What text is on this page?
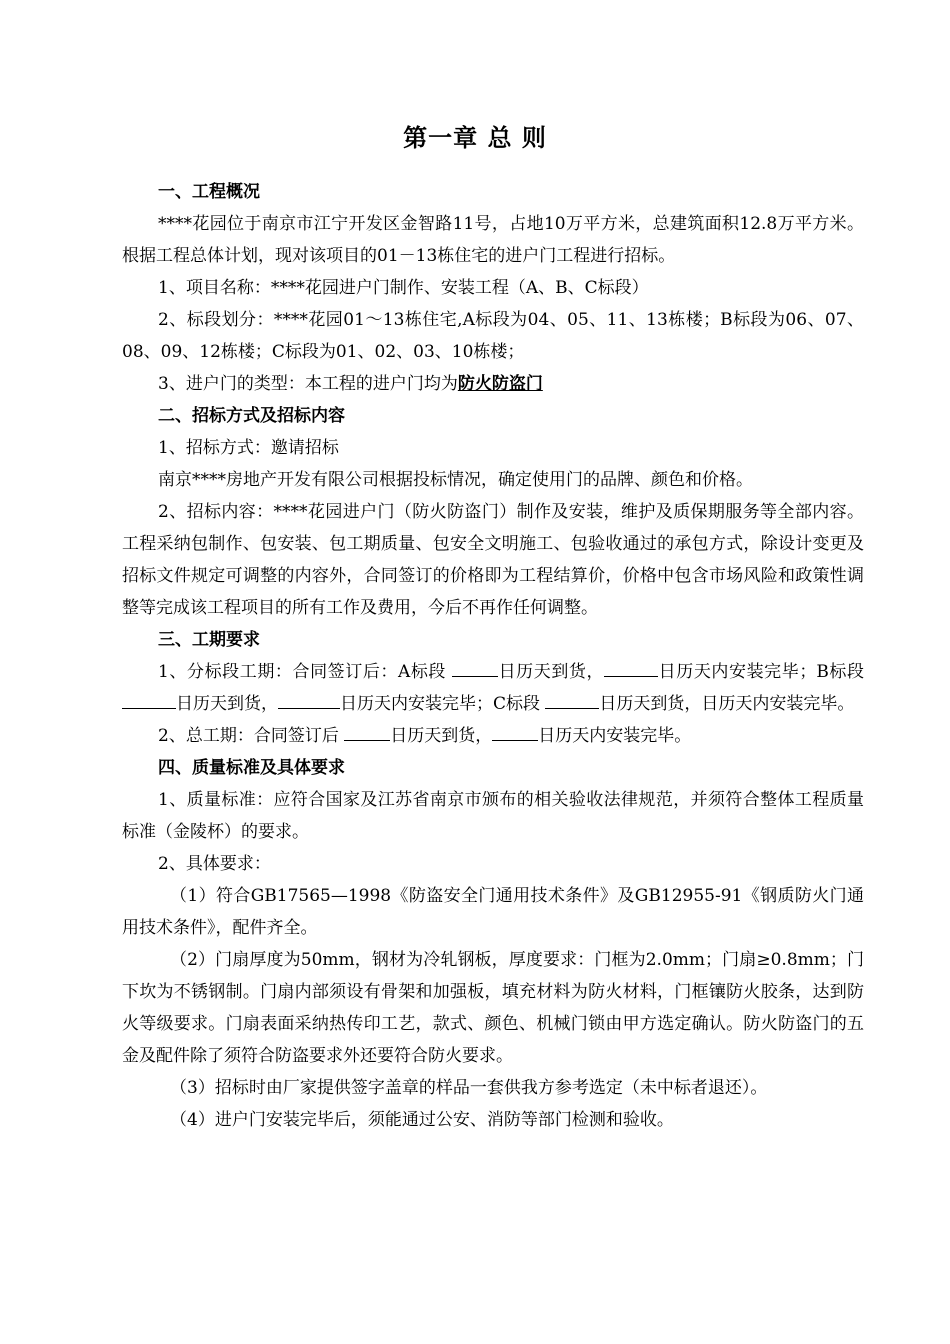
第一章 总 则

一、工程概况

****花园位于南京市江宁开发区金智路11号，占地10万平方米，总建筑面积12.8万平方米。根据工程总体计划，现对该项目的01－13栋住宅的进户门工程进行招标。

1、项目名称：****花园进户门制作、安装工程（A、B、C标段）

2、标段划分：****花园01～13栋住宅,A标段为04、05、11、13栋楼；B标段为06、07、08、09、12栋楼；C标段为01、02、03、10栋楼；

3、进户门的类型：本工程的进户门均为防火防盗门

二、招标方式及招标内容

1、招标方式：邀请招标

南京****房地产开发有限公司根据投标情况，确定使用门的品牌、颜色和价格。

2、招标内容：****花园进户门（防火防盗门）制作及安装，维护及质保期服务等全部内容。工程采纳包制作、包安装、包工期质量、包安全文明施工、包验收通过的承包方式，除设计变更及招标文件规定可调整的内容外，合同签订的价格即为工程结算价，价格中包含市场风险和政策性调整等完成该工程项目的所有工作及费用，今后不再作任何调整。

三、工期要求

1、分标段工期：合同签订后：A标段	日历天到货，	日历天内安装完毕；B标段 日历天到货，	日历天内安装完毕；C标段	日历天到货，日历天内安装完毕。

2、总工期：合同签订后	日历天到货，	日历天内安装完毕。

四、质量标准及具体要求

1、质量标准：应符合国家及江苏省南京市颁布的相关验收法律规范，并须符合整体工程质量标准（金陵杯）的要求。

2、具体要求：

（1）符合GB17565—1998《防盗安全门通用技术条件》及GB12955-91《钢质防火门通用技术条件》，配件齐全。

（2）门扇厚度为50mm，钢材为冷轧钢板，厚度要求：门框为2.0mm；门扇≥0.8mm；门下坎为不锈钢制。门扇内部须设有骨架和加强板，填充材料为防火材料，门框镶防火胶条，达到防火等级要求。门扇表面采纳热传印工艺，款式、颜色、机械门锁由甲方选定确认。防火防盗门的五金及配件除了须符合防盗要求外还要符合防火要求。

（3）招标时由厂家提供签字盖章的样品一套供我方参考选定（未中标者退还）。

（4）进户门安装完毕后，须能通过公安、消防等部门检测和验收。
